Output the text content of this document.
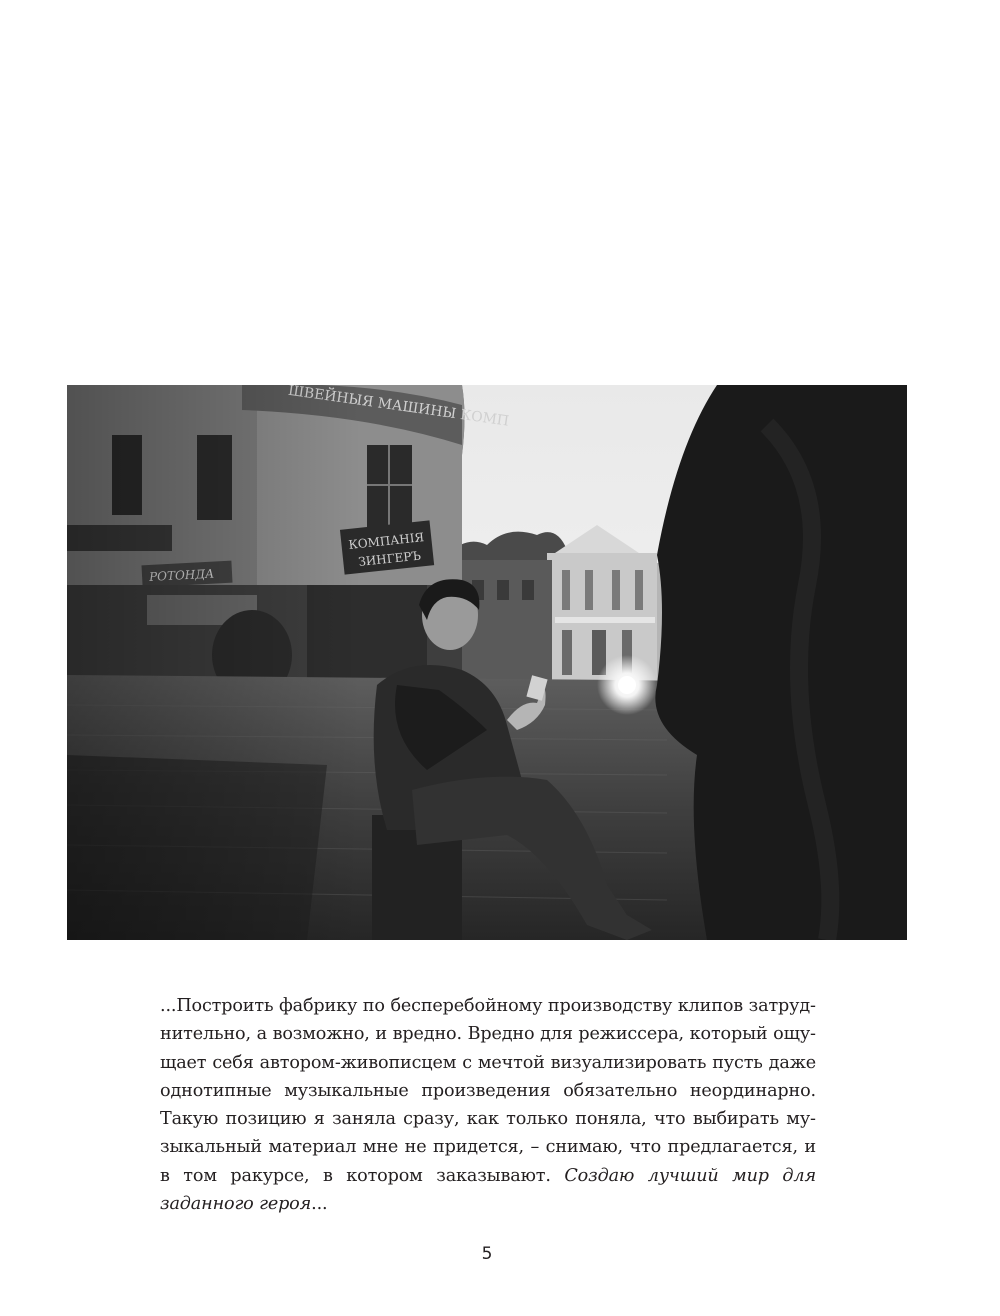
...Построить фабрику по бесперебойному производству клипов затруднительно, а возможно, и вредно. Вредно для режиссера, который ощущает себя автором-живописцем с мечтой визуализировать пусть даже однотипные музыкальные произведения обязательно неординарно. Такую позицию я заняла сразу, как только поняла, что выбирать музыкальный материал мне не придется, – снимаю, что предлагается, и в том ракурсе, в котором заказывают. Создаю лучший мир для заданного героя...

5
